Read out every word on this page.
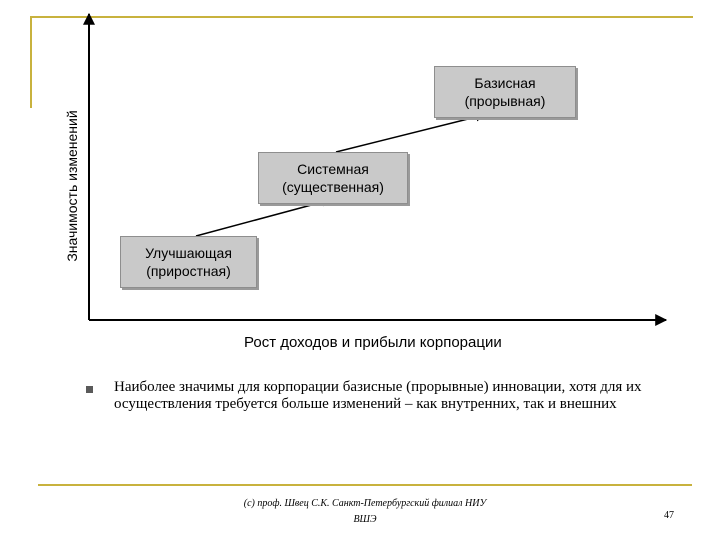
Значимость изменений
Рост доходов и прибыли корпорации
Улучшающая
(приростная)
Системная
(существенная)
Базисная
(прорывная)
Наиболее значимы для корпорации базисные (прорывные) инновации, хотя для их осуществления требуется больше изменений – как внутренних, так и внешних
(с) проф. Швец С.К. Санкт-Петербургский филиал НИУ ВШЭ	47
